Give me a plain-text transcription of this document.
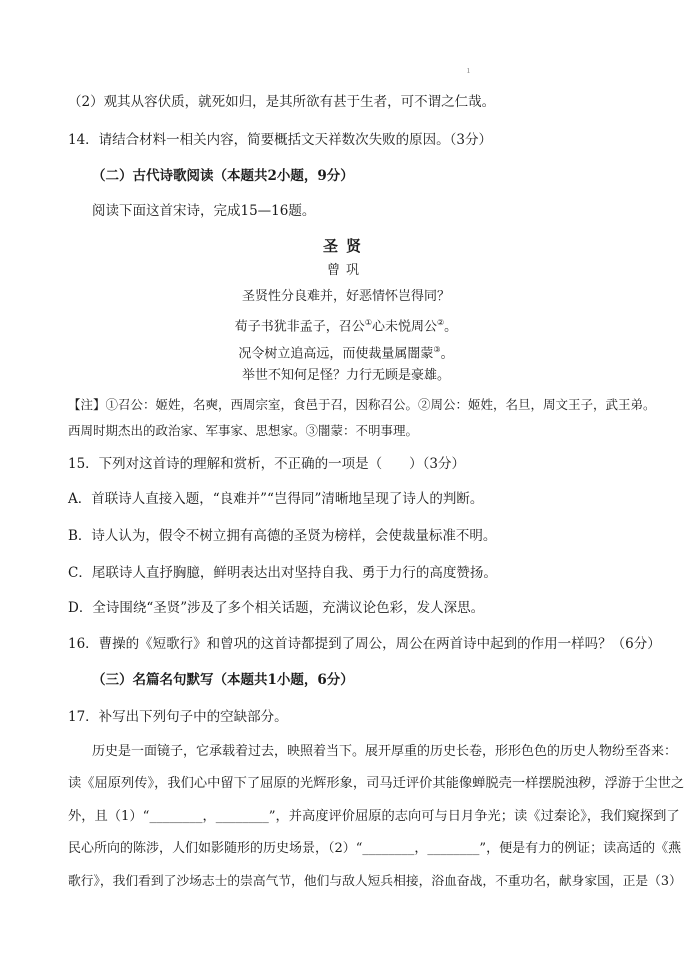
ı
（2）观其从容伏质，就死如归，是其所欲有甚于生者，可不谓之仁哉。
14．请结合材料一相关内容，简要概括文天祥数次失败的原因。（3分）
（二）古代诗歌阅读（本题共2小题，9分）
阅读下面这首宋诗，完成15—16题。
圣贤
曾巩
圣贤性分良难并，好恶情怀岂得同？
荀子书犹非孟子，召公①心未悦周公②。
况令树立追高远，而使裁量属闇蒙③。
举世不知何足怪？力行无顾是豪雄。
【注】①召公：姬姓，名奭，西周宗室，食邑于召，因称召公。②周公：姬姓，名旦，周文王子，武王弟。
西周时期杰出的政治家、军事家、思想家。③闇蒙：不明事理。
15．下列对这首诗的理解和赏析，不正确的一项是（　　）（3分）
A．首联诗人直接入题，“良难并”“岂得同”清晰地呈现了诗人的判断。
B．诗人认为，假令不树立拥有高德的圣贤为榜样，会使裁量标准不明。
C．尾联诗人直抒胸臆，鲜明表达出对坚持自我、勇于力行的高度赞扬。
D．全诗围绕“圣贤”涉及了多个相关话题，充满议论色彩，发人深思。
16．曹操的《短歌行》和曾巩的这首诗都提到了周公，周公在两首诗中起到的作用一样吗？（6分）
（三）名篇名句默写（本题共1小题，6分）
17．补写出下列句子中的空缺部分。
历史是一面镜子，它承载着过去，映照着当下。展开厚重的历史长卷，形形色色的历史人物纷至沓来：
读《屈原列传》，我们心中留下了屈原的光辉形象，司马迁评价其能像蝉脱壳一样摆脱浊秽，浮游于尘世之
外，且（1）“________，________”，并高度评价屈原的志向可与日月争光；读《过秦论》，我们窥探到了
民心所向的陈涉，人们如影随形的历史场景，（2）“________，________”，便是有力的例证；读高适的《燕
歌行》，我们看到了沙场志士的崇高气节，他们与敌人短兵相接，浴血奋战，不重功名，献身家国，正是（3）
